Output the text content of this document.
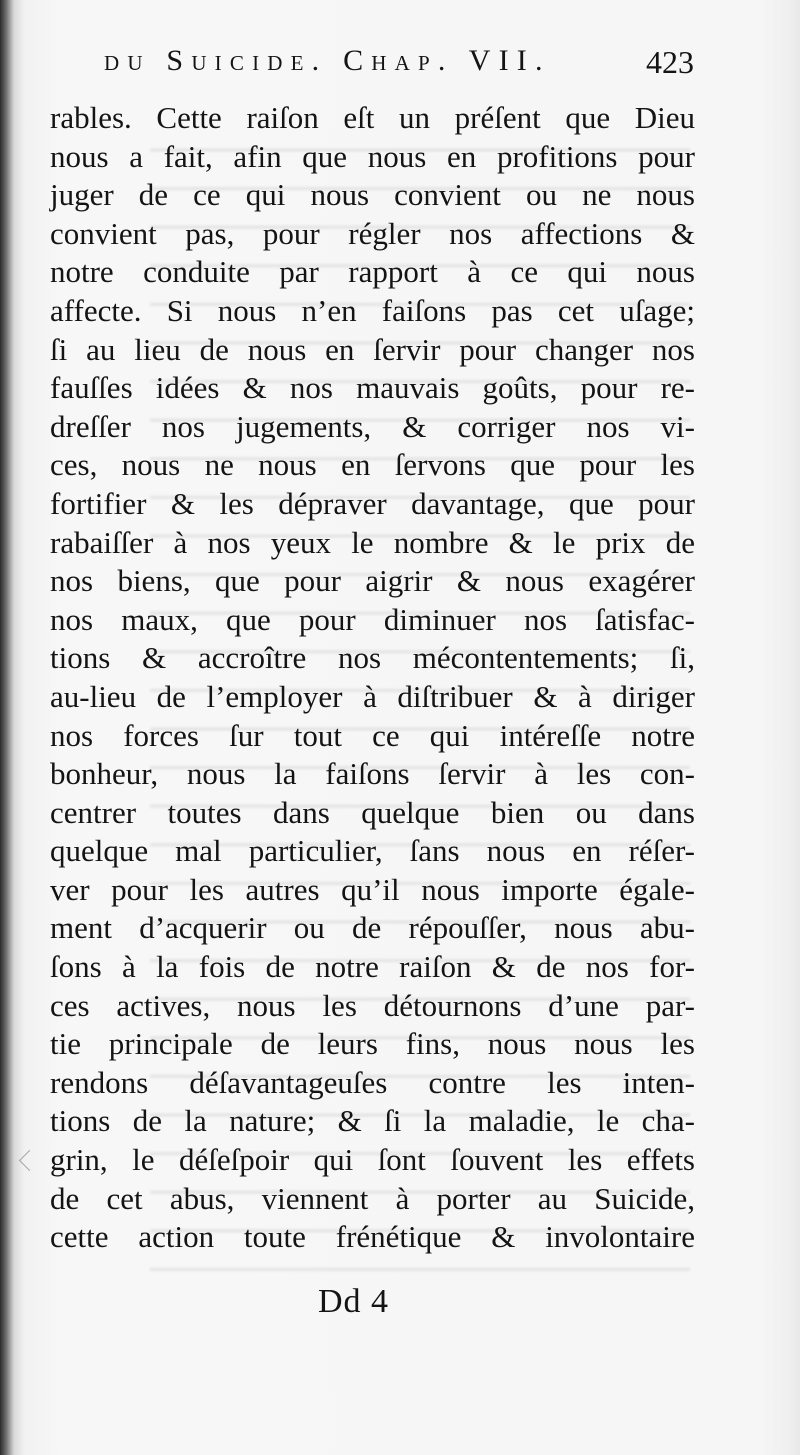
du Suicide. Chap. VII.	423
rables. Cette raiſon eſt un préſent que Dieu
nous a fait, afin que nous en profitions pour
juger de ce qui nous convient ou ne nous
convient pas, pour régler nos affections &
notre conduite par rapport à ce qui nous
affecte. Si nous n’en faiſons pas cet uſage;
ſi au lieu de nous en ſervir pour changer nos
fauſſes idées & nos mauvais goûts, pour re-
dreſſer nos jugements, & corriger nos vi-
ces, nous ne nous en ſervons que pour les
fortifier & les dépraver davantage, que pour
rabaiſſer à nos yeux le nombre & le prix de
nos biens, que pour aigrir & nous exagérer
nos maux, que pour diminuer nos ſatisfac-
tions & accroître nos mécontentements; ſi,
au-lieu de l’employer à diſtribuer & à diriger
nos forces ſur tout ce qui intéreſſe notre
bonheur, nous la faiſons ſervir à les con-
centrer toutes dans quelque bien ou dans
quelque mal particulier, ſans nous en réſer-
ver pour les autres qu’il nous importe égale-
ment d’acquerir ou de répouſſer, nous abu-
ſons à la fois de notre raiſon & de nos for-
ces actives, nous les détournons d’une par-
tie principale de leurs fins, nous nous les
rendons déſavantageuſes contre les inten-
tions de la nature; & ſi la maladie, le cha-
grin, le déſeſpoir qui ſont ſouvent les effets
de cet abus, viennent à porter au Suicide,
cette action toute frénétique & involontaire
Dd 4
